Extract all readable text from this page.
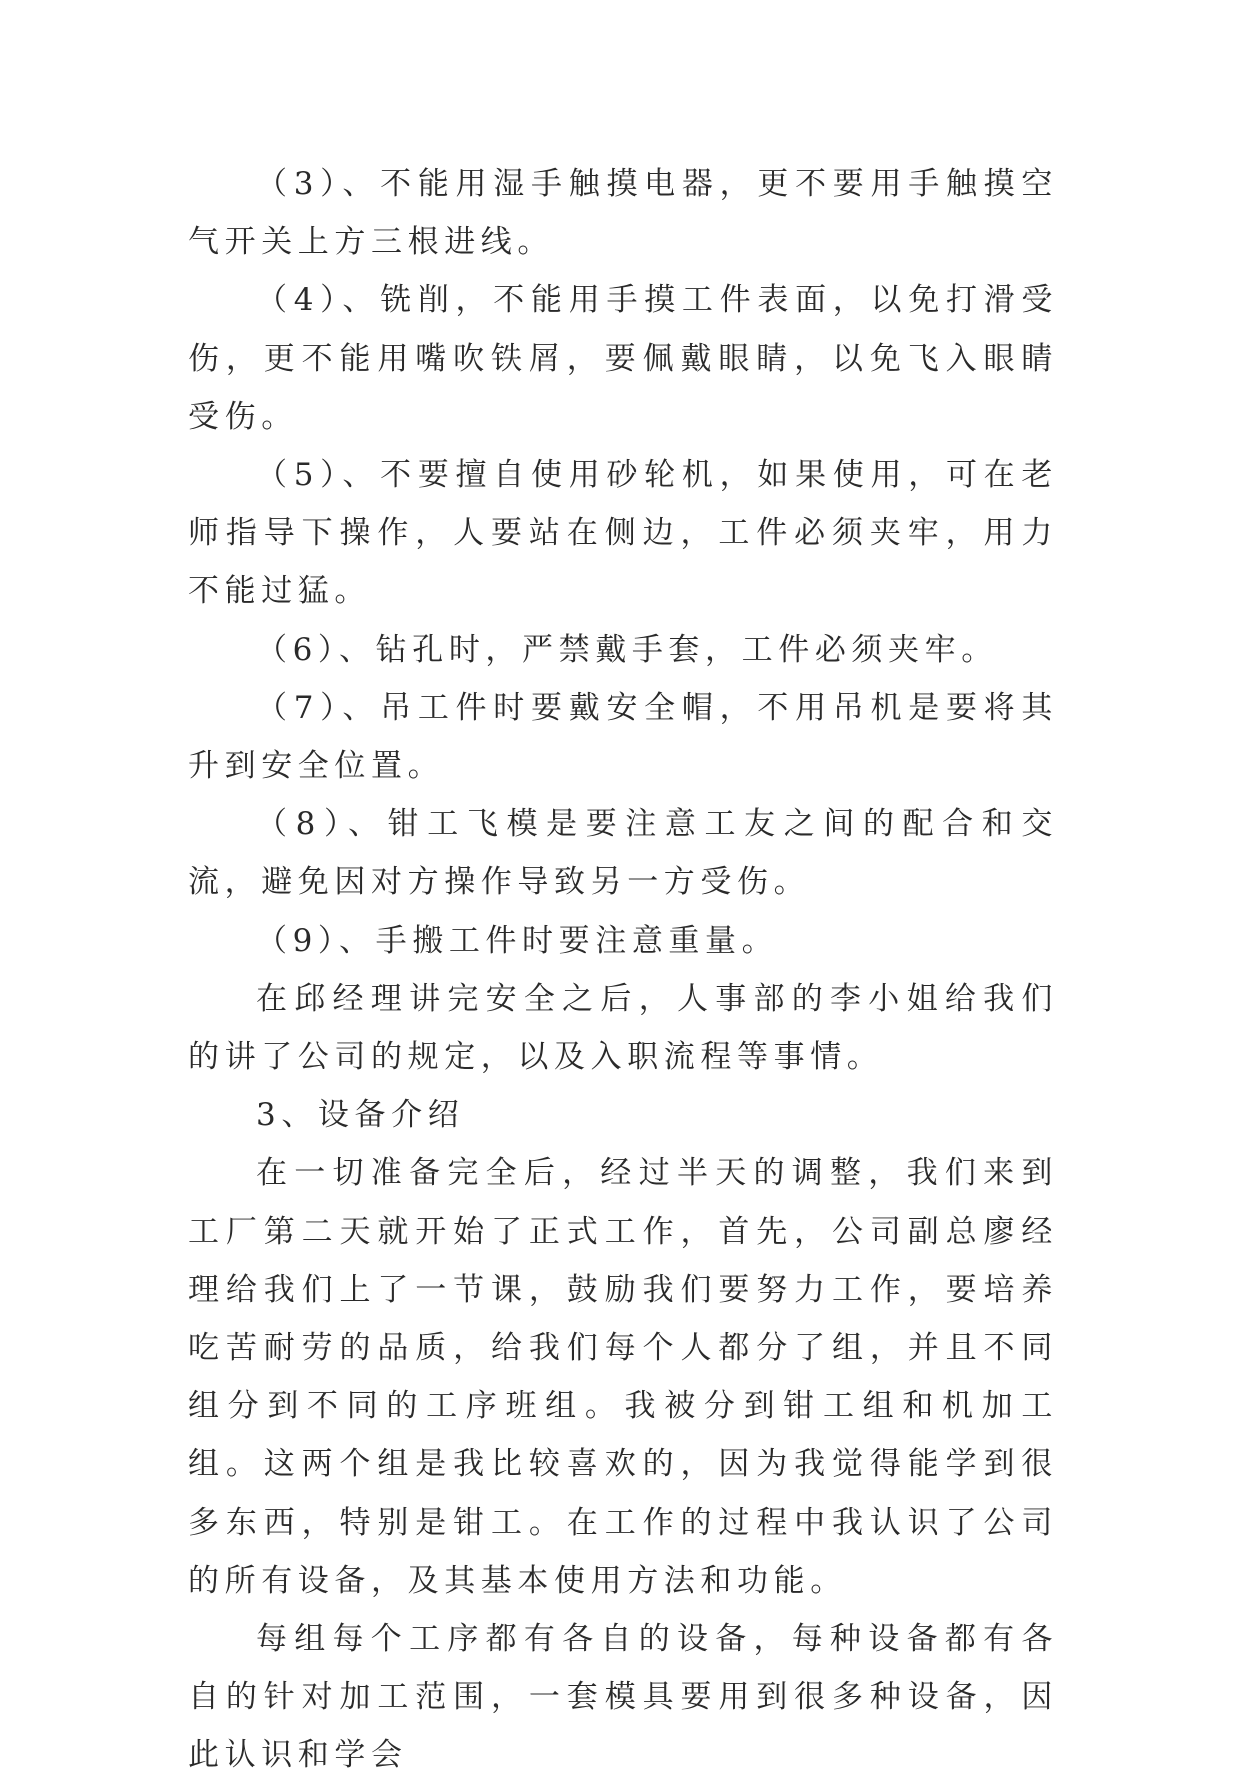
（3）、不能用湿手触摸电器，更不要用手触摸空气开关上方三根进线。

（4）、铣削，不能用手摸工件表面，以免打滑受伤，更不能用嘴吹铁屑，要佩戴眼睛，以免飞入眼睛受伤。

（5）、不要擅自使用砂轮机，如果使用，可在老师指导下操作，人要站在侧边，工件必须夹牢，用力不能过猛。

（6）、钻孔时，严禁戴手套，工件必须夹牢。

（7）、吊工件时要戴安全帽，不用吊机是要将其升到安全位置。

（8）、钳工飞模是要注意工友之间的配合和交流，避免因对方操作导致另一方受伤。

（9）、手搬工件时要注意重量。

在邱经理讲完安全之后，人事部的李小姐给我们的讲了公司的规定，以及入职流程等事情。

3、设备介绍

在一切准备完全后，经过半天的调整，我们来到工厂第二天就开始了正式工作，首先，公司副总廖经理给我们上了一节课，鼓励我们要努力工作，要培养吃苦耐劳的品质，给我们每个人都分了组，并且不同组分到不同的工序班组。我被分到钳工组和机加工组。这两个组是我比较喜欢的，因为我觉得能学到很多东西，特别是钳工。在工作的过程中我认识了公司的所有设备，及其基本使用方法和功能。

每组每个工序都有各自的设备，每种设备都有各自的针对加工范围，一套模具要用到很多种设备，因此认识和学会
